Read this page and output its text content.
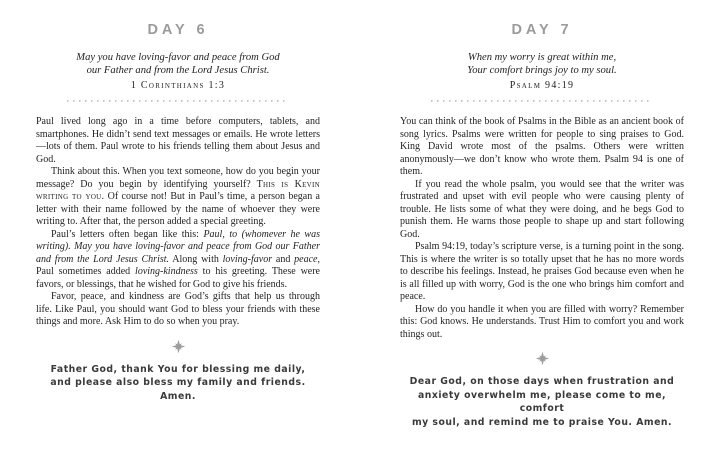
DAY 6
May you have loving-favor and peace from God
our Father and from the Lord Jesus Christ.
1 Corinthians 1:3

Paul lived long ago in a time before computers, tablets, and smartphones. He didn’t send text messages or emails. He wrote letters—lots of them. Paul wrote to his friends telling them about Jesus and God.

Think about this. When you text someone, how do you begin your message? Do you begin by identifying yourself? This is Kevin writing to you. Of course not! But in Paul’s time, a person began a letter with their name followed by the name of whoever they were writing to. After that, the person added a special greeting.

Paul’s letters often began like this: Paul, to (whomever he was writing). May you have loving-favor and peace from God our Father and from the Lord Jesus Christ. Along with loving-favor and peace, Paul sometimes added loving-kindness to his greeting. These were favors, or blessings, that he wished for God to give his friends.

Favor, peace, and kindness are God’s gifts that help us through life. Like Paul, you should want God to bless your friends with these things and more. Ask Him to do so when you pray.

Father God, thank You for blessing me daily,
and please also bless my family and friends. Amen.
DAY 7
When my worry is great within me,
Your comfort brings joy to my soul.
Psalm 94:19

You can think of the book of Psalms in the Bible as an ancient book of song lyrics. Psalms were written for people to sing praises to God. King David wrote most of the psalms. Others were written anonymously—we don’t know who wrote them. Psalm 94 is one of them.

If you read the whole psalm, you would see that the writer was frustrated and upset with evil people who were causing plenty of trouble. He lists some of what they were doing, and he begs God to punish them. He warns those people to shape up and start following God.

Psalm 94:19, today’s scripture verse, is a turning point in the song. This is where the writer is so totally upset that he has no more words to describe his feelings. Instead, he praises God because even when he is all filled up with worry, God is the one who brings him comfort and peace.

How do you handle it when you are filled with worry? Remember this: God knows. He understands. Trust Him to comfort you and work things out.

Dear God, on those days when frustration and
anxiety overwhelm me, please come to me, comfort
my soul, and remind me to praise You. Amen.
